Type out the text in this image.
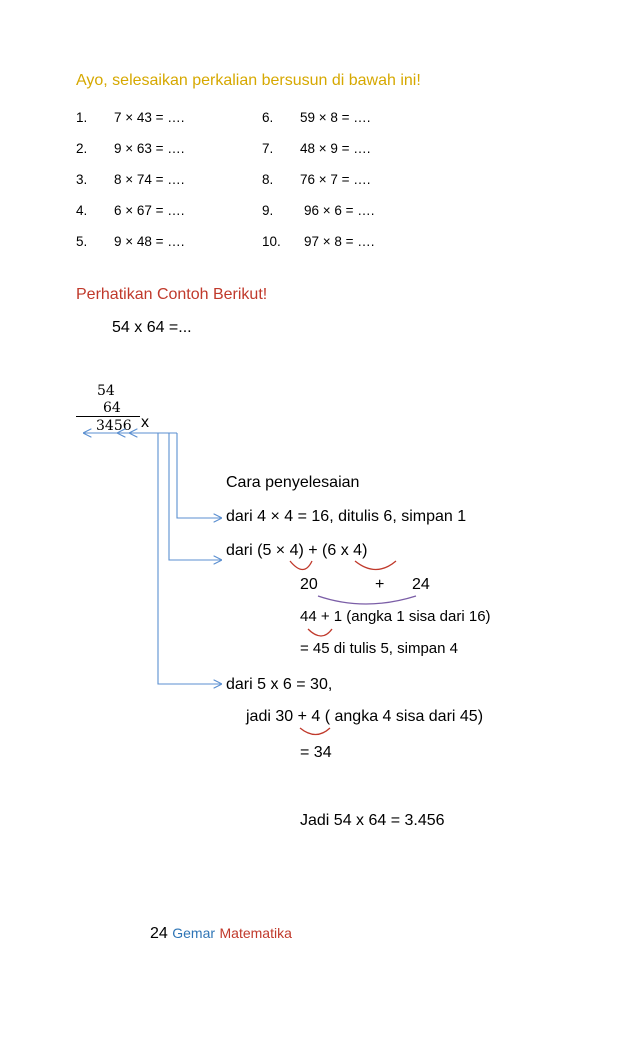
Ayo, selesaikan perkalian bersusun di bawah ini!
1. 7 × 43 = ….
2. 9 × 63 = ….
3. 8 × 74 = ….
4. 6 × 67 = ….
5. 9 × 48 = ….
6. 59 × 8 = ….
7. 48 × 9 = ….
8. 76 × 7 = ….
9. 96 × 6 = ….
10. 97 × 8 = ….
Perhatikan Contoh Berikut!
54 x 64 =...
54
64
3456 x
Cara penyelesaian
dari 4 × 4 = 16, ditulis 6, simpan 1
dari (5 × 4) + (6 x 4)
20	+ 24
44 + 1 (angka 1 sisa dari 16)
= 45 di tulis 5, simpan 4
dari 5 x 6 = 30,
jadi 30 + 4 ( angka 4 sisa dari 45)
= 34
Jadi 54 x 64 = 3.456
24 Gemar Matematika
